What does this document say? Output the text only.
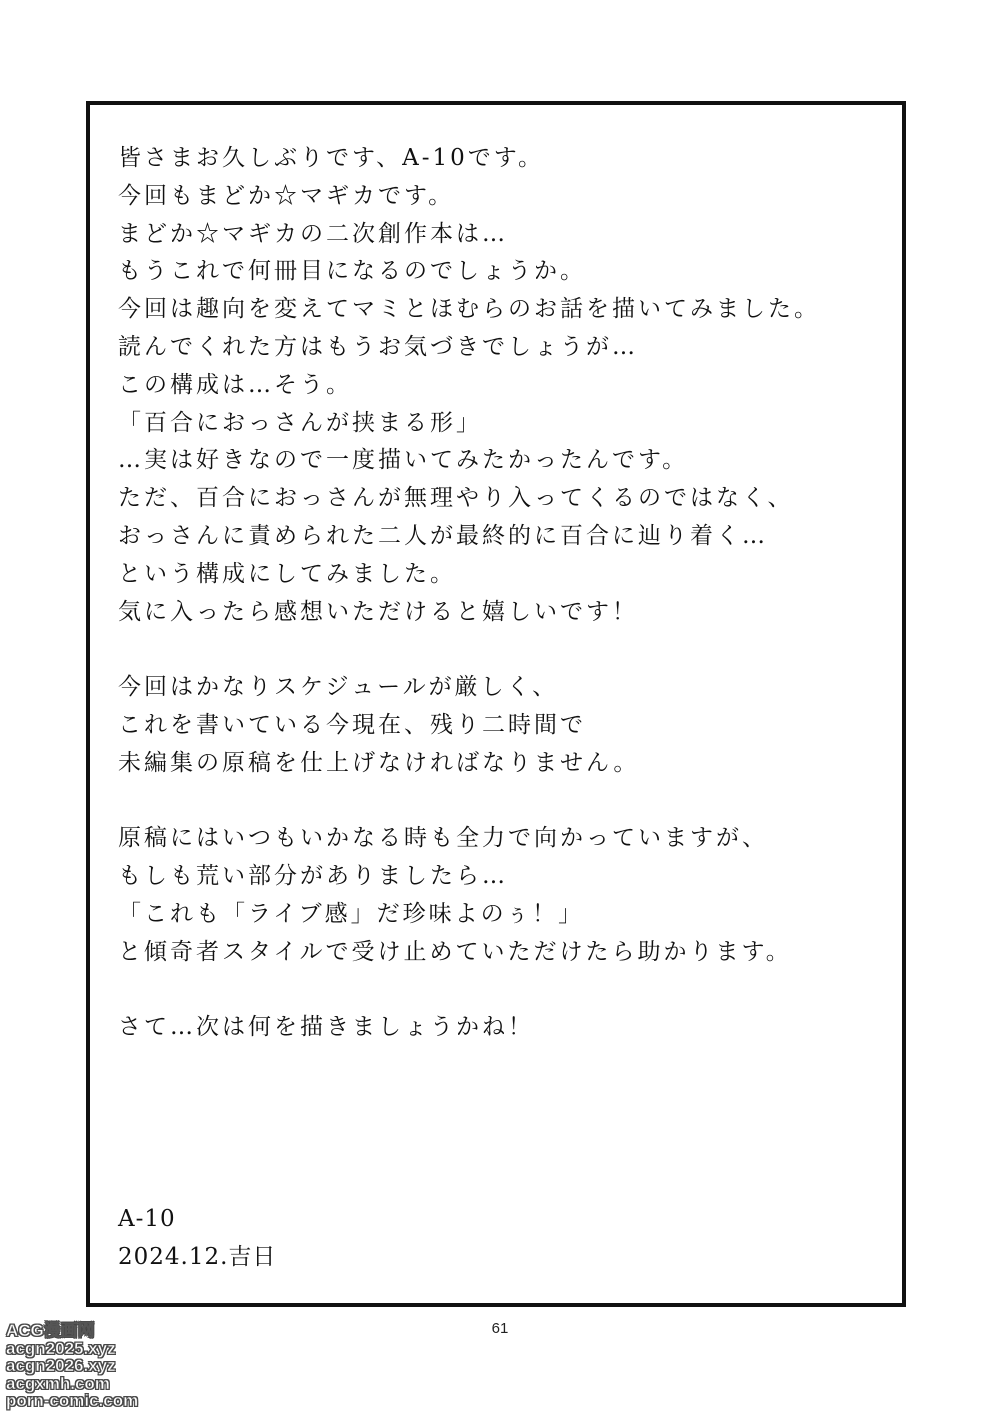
皆さまお久しぶりです、A-10です。
今回もまどか☆マギカです。
まどか☆マギカの二次創作本は…
もうこれで何冊目になるのでしょうか。
今回は趣向を変えてマミとほむらのお話を描いてみました。
読んでくれた方はもうお気づきでしょうが…
この構成は…そう。
「百合におっさんが挟まる形」
…実は好きなので一度描いてみたかったんです。
ただ、百合におっさんが無理やり入ってくるのではなく、
おっさんに責められた二人が最終的に百合に辿り着く…
という構成にしてみました。
気に入ったら感想いただけると嬉しいです！
今回はかなりスケジュールが厳しく、
これを書いている今現在、残り二時間で
未編集の原稿を仕上げなければなりません。
原稿にはいつもいかなる時も全力で向かっていますが、
もしも荒い部分がありましたら…
「これも「ライブ感」だ珍味よのぅ！」
と傾奇者スタイルで受け止めていただけたら助かります。
さて…次は何を描きましょうかね！
A-10
2024.12.吉日
61
ACG漫画网
acgn2025.xyz
acgn2026.xyz
acgxmh.com
porn-comic.com
